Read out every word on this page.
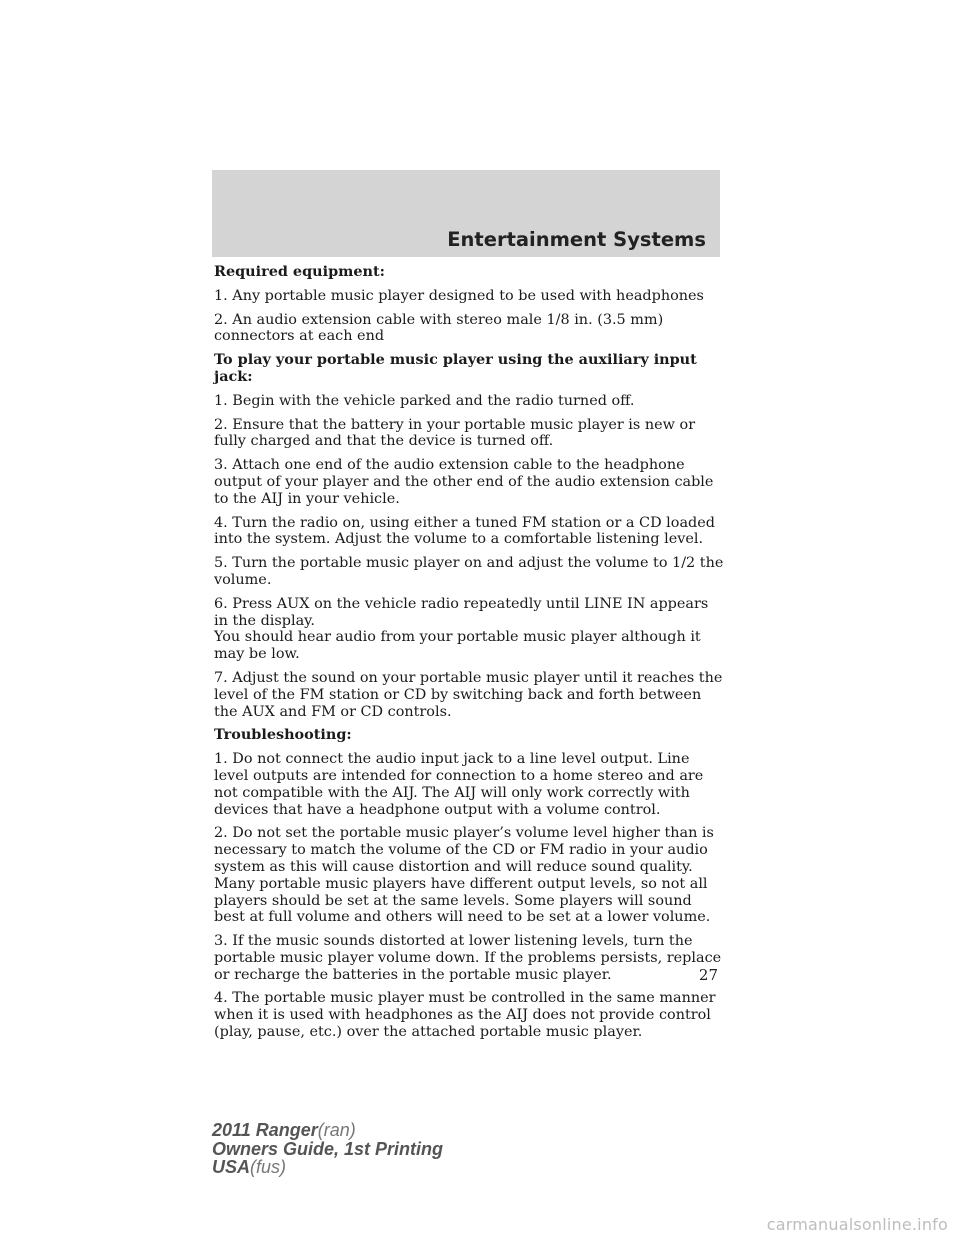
Entertainment Systems

Required equipment:

1. Any portable music player designed to be used with headphones

2. An audio extension cable with stereo male 1/8 in. (3.5 mm) connectors at each end

To play your portable music player using the auxiliary input jack:

1. Begin with the vehicle parked and the radio turned off.

2. Ensure that the battery in your portable music player is new or fully charged and that the device is turned off.

3. Attach one end of the audio extension cable to the headphone output of your player and the other end of the audio extension cable to the AIJ in your vehicle.

4. Turn the radio on, using either a tuned FM station or a CD loaded into the system. Adjust the volume to a comfortable listening level.

5. Turn the portable music player on and adjust the volume to 1/2 the volume.

6. Press AUX on the vehicle radio repeatedly until LINE IN appears in the display.

You should hear audio from your portable music player although it may be low.

7. Adjust the sound on your portable music player until it reaches the level of the FM station or CD by switching back and forth between the AUX and FM or CD controls.

Troubleshooting:

1. Do not connect the audio input jack to a line level output. Line level outputs are intended for connection to a home stereo and are not compatible with the AIJ. The AIJ will only work correctly with devices that have a headphone output with a volume control.

2. Do not set the portable music player’s volume level higher than is necessary to match the volume of the CD or FM radio in your audio system as this will cause distortion and will reduce sound quality. Many portable music players have different output levels, so not all players should be set at the same levels. Some players will sound best at full volume and others will need to be set at a lower volume.

3. If the music sounds distorted at lower listening levels, turn the portable music player volume down. If the problems persists, replace or recharge the batteries in the portable music player.

4. The portable music player must be controlled in the same manner when it is used with headphones as the AIJ does not provide control (play, pause, etc.) over the attached portable music player.

27
2011 Ranger(ran)
Owners Guide, 1st Printing
USA(fus)
carmanualsonline.info
